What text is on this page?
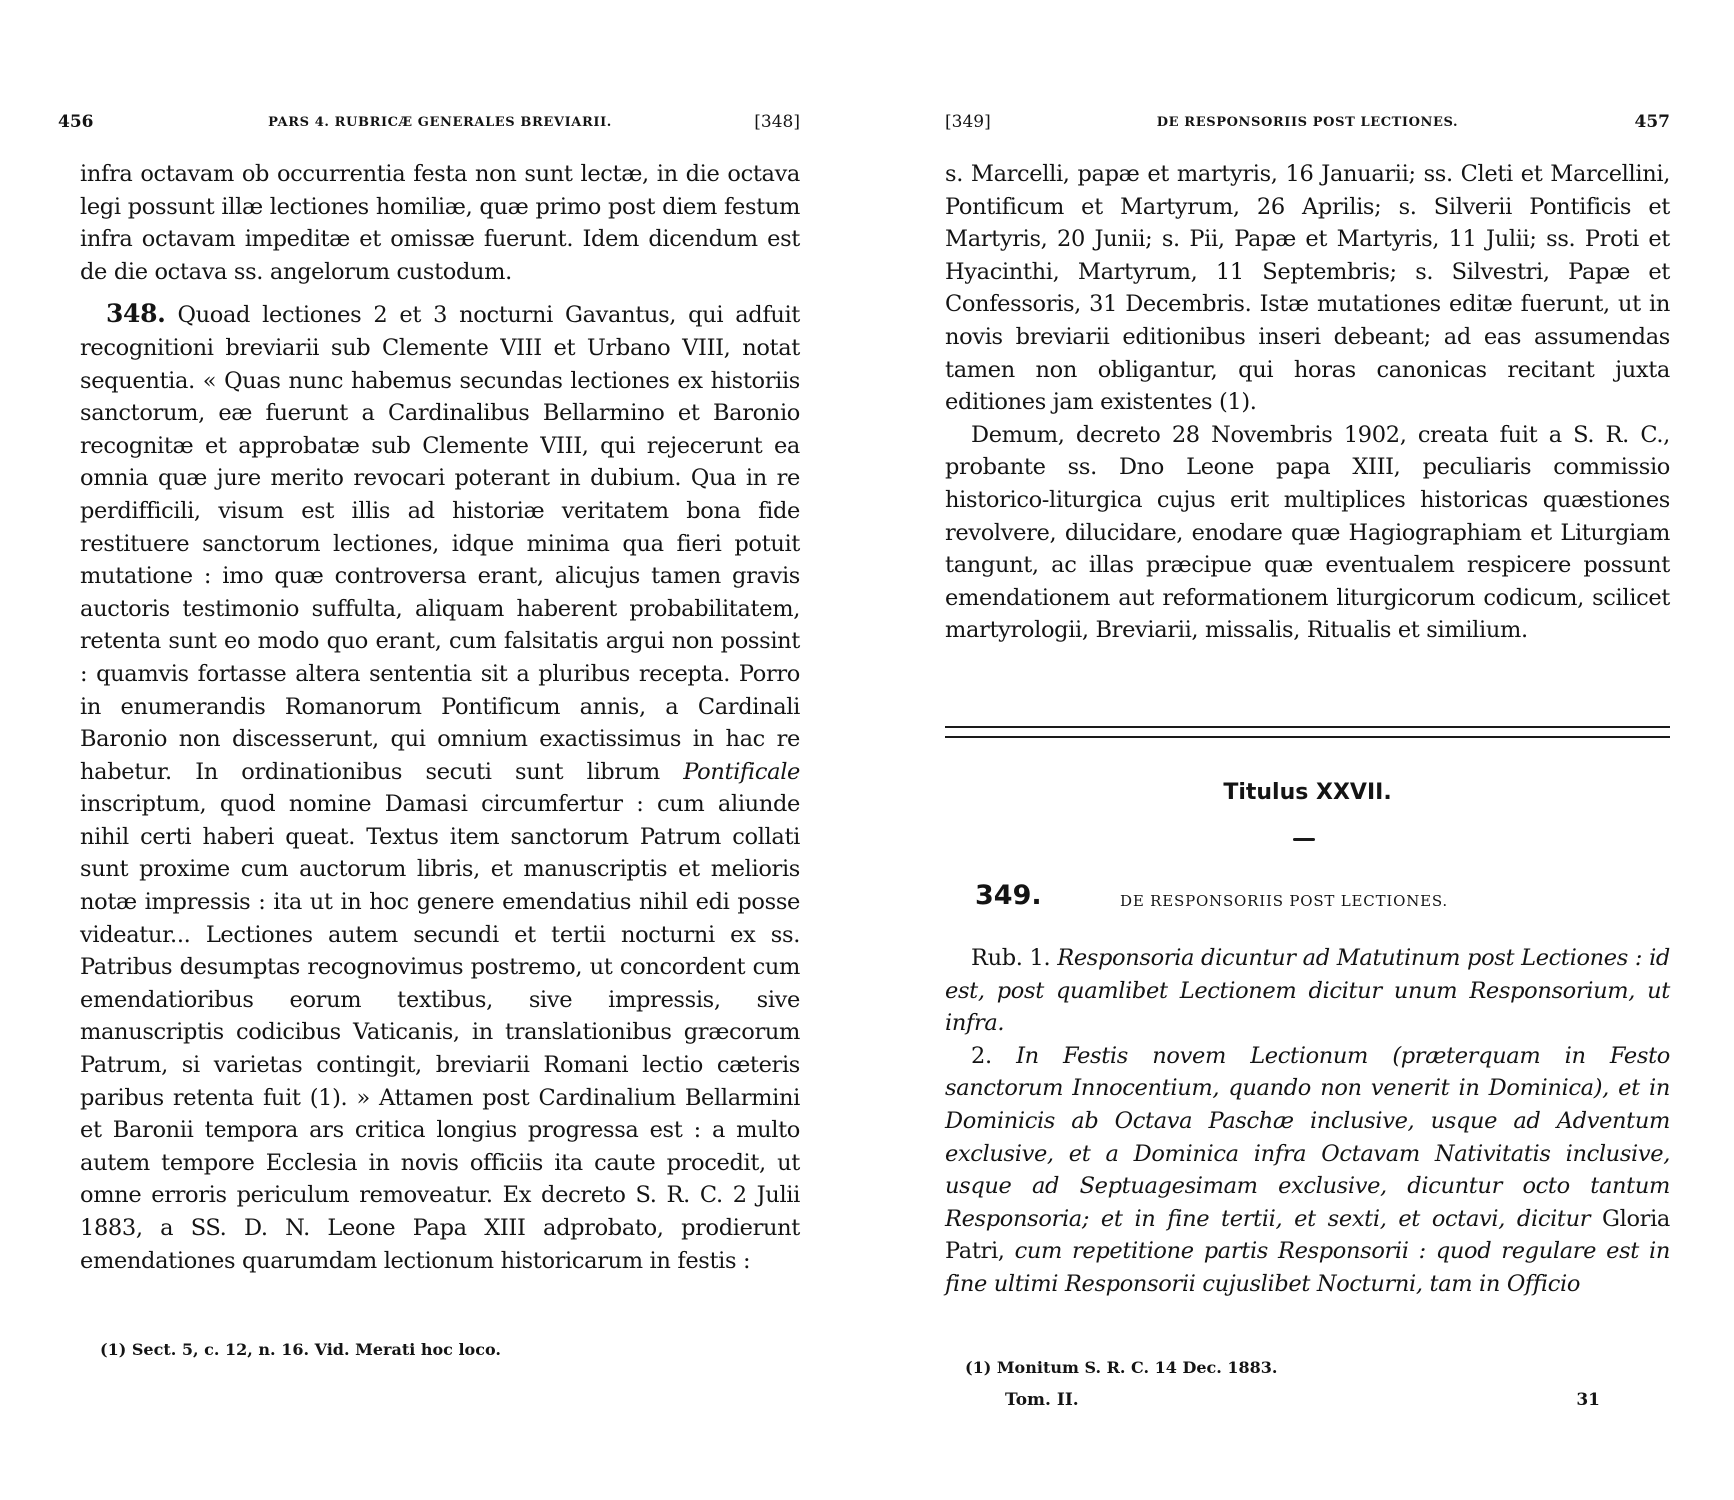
456	PARS 4. RUBRICÆ GENERALES BREVIARII.	[348]

infra octavam ob occurrentia festa non sunt lectæ, in die octava legi possunt illæ lectiones homiliæ, quæ primo post diem festum infra octavam impeditæ et omissæ fuerunt. Idem dicendum est de die octava ss. angelorum custodum.

348. Quoad lectiones 2 et 3 nocturni Gavantus, qui adfuit recognitioni breviarii sub Clemente VIII et Urbano VIII, notat sequentia. « Quas nunc habemus secundas lectiones ex historiis sanctorum, eæ fuerunt a Cardinalibus Bellarmino et Baronio recognitæ et approbatæ sub Clemente VIII, qui rejecerunt ea omnia quæ jure merito revocari poterant in dubium. Qua in re perdifficili, visum est illis ad historiæ veritatem bona fide restituere sanctorum lectiones, idque minima qua fieri potuit mutatione : imo quæ controversa erant, alicujus tamen gravis auctoris testimonio suffulta, aliquam haberent probabilitatem, retenta sunt eo modo quo erant, cum falsitatis argui non possint : quamvis fortasse altera sententia sit a pluribus recepta. Porro in enumerandis Romanorum Pontificum annis, a Cardinali Baronio non discesserunt, qui omnium exactissimus in hac re habetur. In ordinationibus secuti sunt librum Pontificale inscriptum, quod nomine Damasi circumfertur : cum aliunde nihil certi haberi queat. Textus item sanctorum Patrum collati sunt proxime cum auctorum libris, et manuscriptis et melioris notæ impressis : ita ut in hoc genere emendatius nihil edi posse videatur... Lectiones autem secundi et tertii nocturni ex ss. Patribus desumptas recognovimus postremo, ut concordent cum emendatioribus eorum textibus, sive impressis, sive manuscriptis codicibus Vaticanis, in translationibus græcorum Patrum, si varietas contingit, breviarii Romani lectio cæteris paribus retenta fuit (1). » Attamen post Cardinalium Bellarmini et Baronii tempora ars critica longius progressa est : a multo autem tempore Ecclesia in novis officiis ita caute procedit, ut omne erroris periculum removeatur. Ex decreto S. R. C. 2 Julii 1883, a SS. D. N. Leone Papa XIII adprobato, prodierunt emendationes quarumdam lectionum historicarum in festis :

(1) Sect. 5, c. 12, n. 16. Vid. Merati hoc loco.
[349]	DE RESPONSORIIS POST LECTIONES.	457

s. Marcelli, papæ et martyris, 16 Januarii; ss. Cleti et Marcellini, Pontificum et Martyrum, 26 Aprilis; s. Silverii Pontificis et Martyris, 20 Junii; s. Pii, Papæ et Martyris, 11 Julii; ss. Proti et Hyacinthi, Martyrum, 11 Septembris; s. Silvestri, Papæ et Confessoris, 31 Decembris. Istæ mutationes editæ fuerunt, ut in novis breviarii editionibus inseri debeant; ad eas assumendas tamen non obligantur, qui horas canonicas recitant juxta editiones jam existentes (1).

Demum, decreto 28 Novembris 1902, creata fuit a S. R. C., probante ss. Dno Leone papa XIII, peculiaris commissio historico-liturgica cujus erit multiplices historicas quæstiones revolvere, dilucidare, enodare quæ Hagiographiam et Liturgiam tangunt, ac illas præcipue quæ eventualem respicere possunt emendationem aut reformationem liturgicorum codicum, scilicet martyrologii, Breviarii, missalis, Ritualis et similium.

Titulus XXVII.
349.	DE RESPONSORIIS POST LECTIONES.

Rub. 1. Responsoria dicuntur ad Matutinum post Lectiones : id est, post quamlibet Lectionem dicitur unum Responsorium, ut infra.

2. In Festis novem Lectionum (præterquam in Festo sanctorum Innocentium, quando non venerit in Dominica), et in Dominicis ab Octava Paschæ inclusive, usque ad Adventum exclusive, et a Dominica infra Octavam Nativitatis inclusive, usque ad Septuagesimam exclusive, dicuntur octo tantum Responsoria; et in fine tertii, et sexti, et octavi, dicitur Gloria Patri, cum repetitione partis Responsorii : quod regulare est in fine ultimi Responsorii cujuslibet Nocturni, tam in Officio

(1) Monitum S. R. C. 14 Dec. 1883.
Tom. II.	31
